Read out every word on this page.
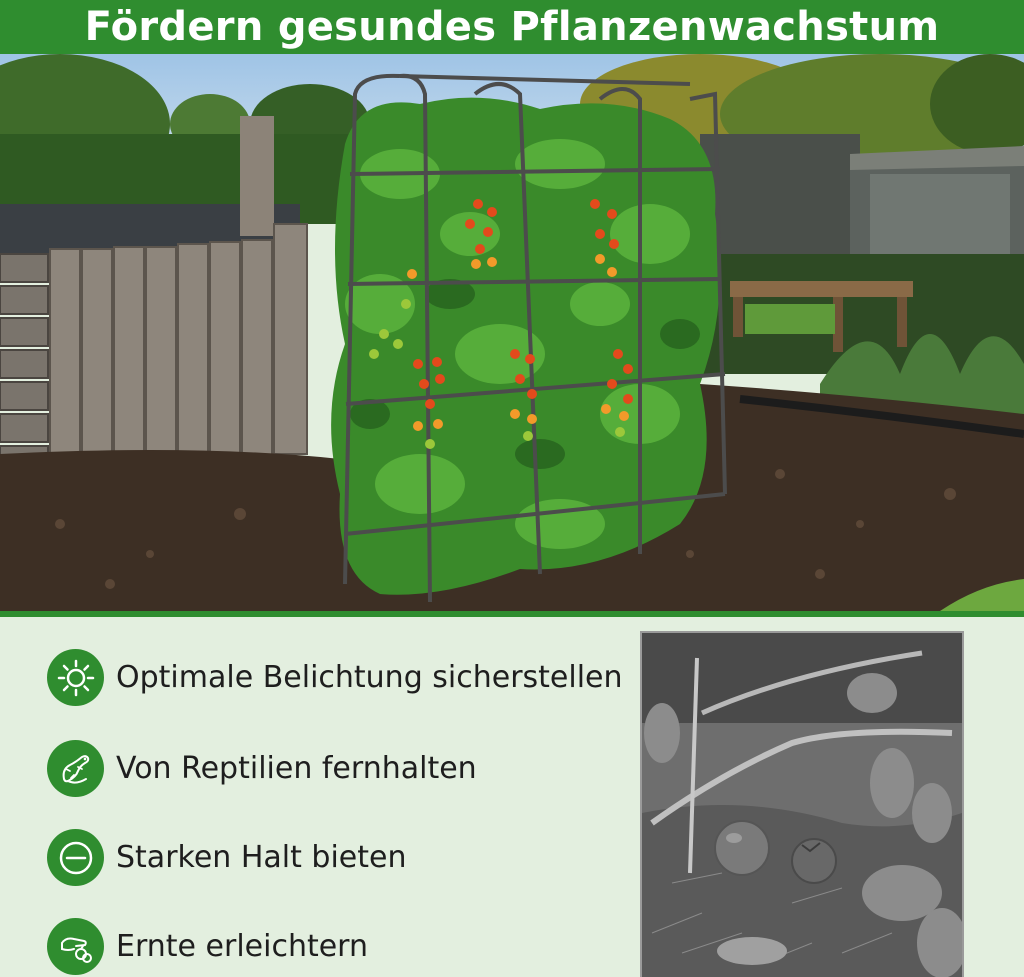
Fördern gesundes Pflanzenwachstum
Optimale Belichtung sicherstellen
Von Reptilien fernhalten
Starken Halt bieten
Ernte erleichtern
